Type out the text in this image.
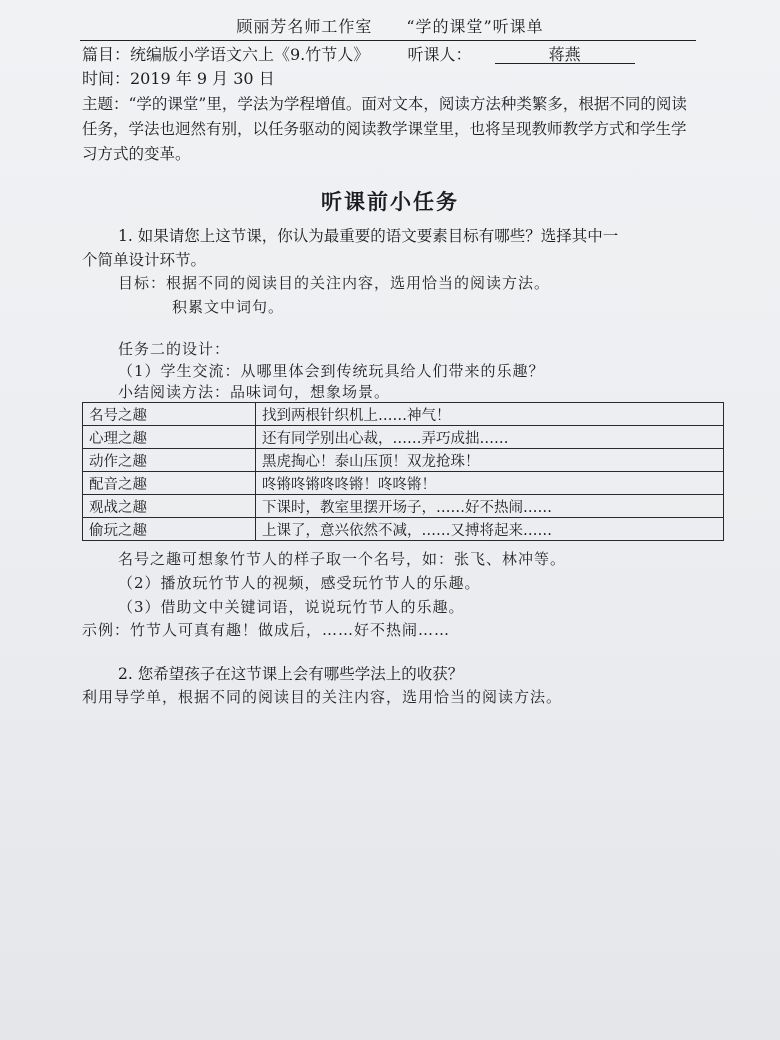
顾丽芳名师工作室　　“学的课堂”听课单
篇目：统编版小学语文六上《9.竹节人》 听课人：	蒋燕
时间：2019 年 9 月 30 日
主题：“学的课堂”里，学法为学程增值。面对文本，阅读方法种类繁多，根据不同的阅读任务，学法也迥然有别，以任务驱动的阅读教学课堂里，也将呈现教师教学方式和学生学习方式的变革。
听课前小任务
1. 如果请您上这节课，你认为最重要的语文要素目标有哪些？选择其中一
个简单设计环节。
目标：根据不同的阅读目的关注内容，选用恰当的阅读方法。
积累文中词句。
任务二的设计：
（1）学生交流：从哪里体会到传统玩具给人们带来的乐趣？
小结阅读方法：品味词句，想象场景。
名号之趣	找到两根针织机上……神气！
心理之趣	还有同学别出心裁，……弄巧成拙……
动作之趣	黑虎掏心！泰山压顶！双龙抢珠！
配音之趣	咚锵咚锵咚咚锵！咚咚锵！
观战之趣	下课时，教室里摆开场子，……好不热闹……
偷玩之趣	上课了，意兴依然不减，……又搏将起来……
名号之趣可想象竹节人的样子取一个名号，如：张飞、林冲等。
（2）播放玩竹节人的视频，感受玩竹节人的乐趣。
（3）借助文中关键词语，说说玩竹节人的乐趣。
示例：竹节人可真有趣！做成后，……好不热闹……
2. 您希望孩子在这节课上会有哪些学法上的收获？
利用导学单，根据不同的阅读目的关注内容，选用恰当的阅读方法。
